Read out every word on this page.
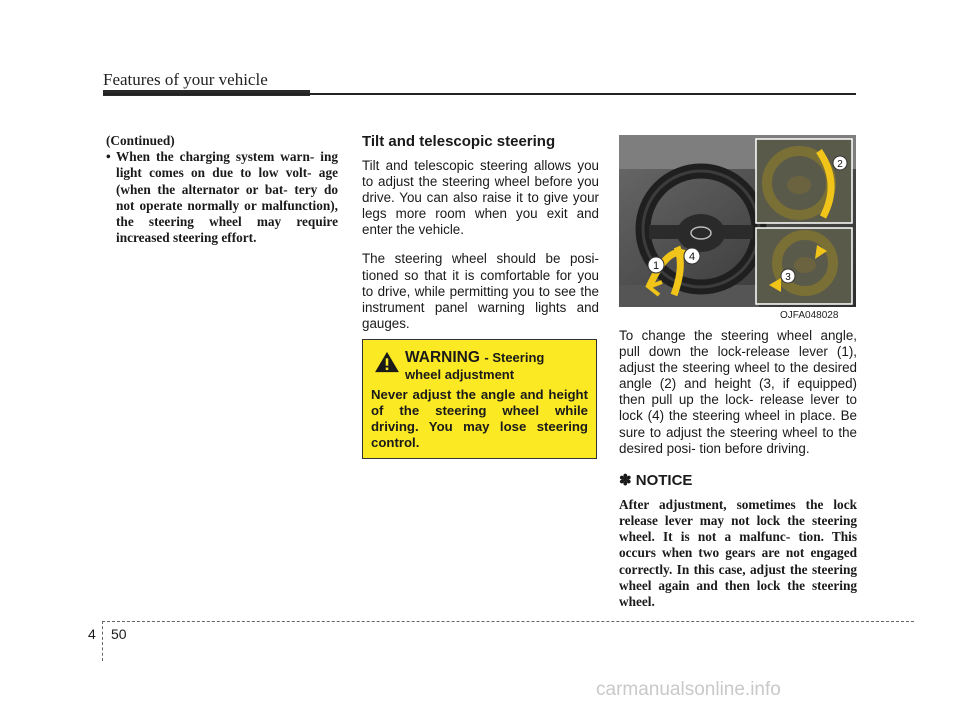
Features of your vehicle
(Continued)
• When the charging system warn- ing light comes on due to low volt- age (when the alternator or bat- tery do not operate normally or malfunction), the steering wheel may require increased steering effort.
Tilt and telescopic steering

Tilt and telescopic steering allows you to adjust the steering wheel before you drive. You can also raise it to give your legs more room when you exit and enter the vehicle.

The steering wheel should be posi- tioned so that it is comfortable for you to drive, while permitting you to see the instrument panel warning lights and gauges.

WARNING - Steering
wheel adjustment
Never adjust the angle and height of the steering wheel while driving. You may lose steering control.
1
4
2
3
OJFA048028

To change the steering wheel angle, pull down the lock-release lever (1), adjust the steering wheel to the desired angle (2) and height (3, if equipped) then pull up the lock- release lever to lock (4) the steering wheel in place. Be sure to adjust the steering wheel to the desired posi- tion before driving.

✽ NOTICE
After adjustment, sometimes the lock release lever may not lock the steering wheel. It is not a malfunc- tion. This occurs when two gears are not engaged correctly. In this case, adjust the steering wheel again and then lock the steering wheel.
4 50
carmanualsonline.info
